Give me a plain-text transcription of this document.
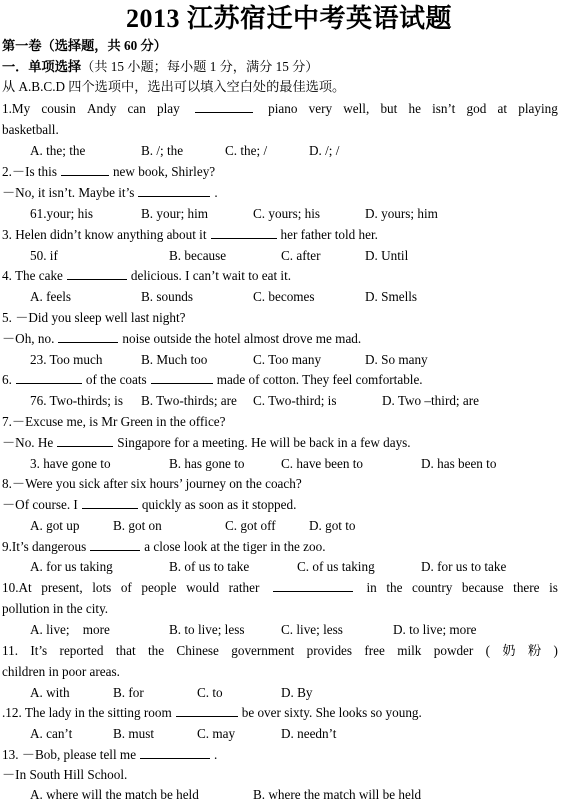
2013 江苏宿迁中考英语试题
第一卷（选择题，共 60 分）
一．单项选择（共 15 小题；每小题 1 分，满分 15 分）
从 A.B.C.D 四个选项中，选出可以填入空白处的最佳选项。
1.My cousin Andy can play	piano very well, but he isn’t god at playing
basketball.
A. the; the	B. /; the	C. the; /	D. /; /
2.－Is this	new book, Shirley?
－No, it isn’t. Maybe it’s	.
61.your; his	B. your; him	C. yours; his	D. yours; him
3. Helen didn’t know anything about it	her father told her.
50. if	B. because	C. after	D. Until
4. The cake	delicious. I can’t wait to eat it.
A. feels	B. sounds	C. becomes	D. Smells
5. －Did you sleep well last night?
－Oh, no.	noise outside the hotel almost drove me mad.
23. Too much	B. Much too	C. Too many	D. So many
6.	of the coats	made of cotton. They feel comfortable.
76. Two-thirds; is B. Two-thirds; are C. Two-third; is	D. Two –third; are
7.－Excuse me, is Mr Green in the office?
－No. He	Singapore for a meeting. He will be back in a few days.
3. have gone to	B. has gone to	C. have been to	D. has been to
8.－Were you sick after six hours’ journey on the coach?
－Of course. I	quickly as soon as it stopped.
A. got up	B. got on	C. got off	D. got to
9.It’s dangerous	a close look at the tiger in the zoo.
A. for us taking	B. of us to take	C. of us taking	D. for us to take
10.At present, lots of people would rather	in the country because there is
pollution in the city.
A. live;    more	B. to live; less	C. live; less	D. to live; more
11. It’s reported that the Chinese government provides free milk powder ( 奶 粉 )
children in poor areas.
A. with	B. for	C. to	D. By
.12. The lady in the sitting room	be over sixty. She looks so young.
A. can’t	B. must	C. may	D. needn’t
13. －Bob, please tell me	.
－In South Hill School.
A. where will the match be held	B. where the match will be held
